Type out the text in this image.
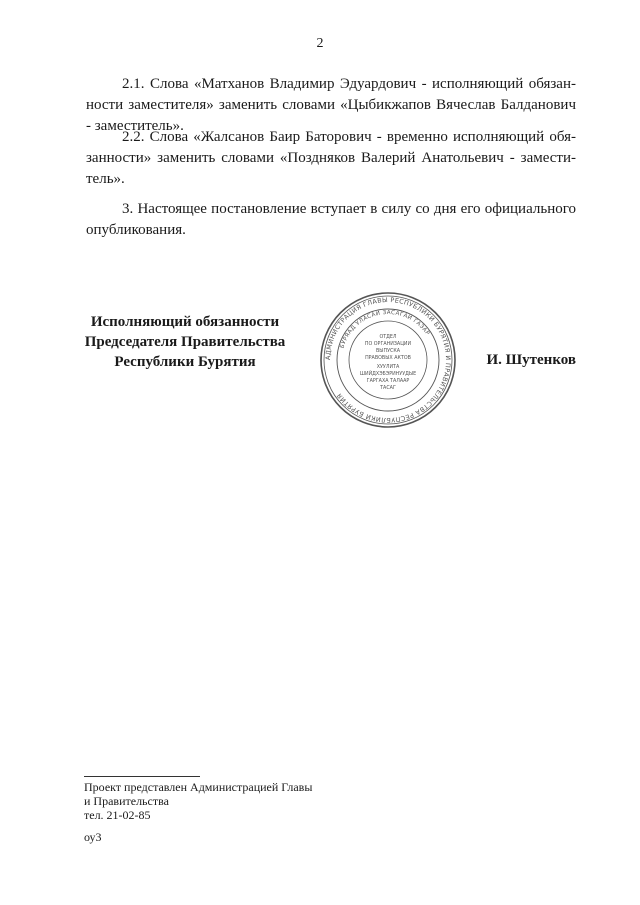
2

2.1. Слова «Матханов Владимир Эдуардович - исполняющий обязанности заместителя» заменить словами «Цыбикжапов Вячеслав Балданович - заместитель».

2.2. Слова «Жалсанов Баир Баторович - временно исполняющий обязанности» заменить словами «Поздняков Валерий Анатольевич - заместитель».

3. Настоящее постановление вступает в силу со дня его официального опубликования.

Исполняющий обязанности
Председателя Правительства
Республики Бурятия	АДМИНИСТРАЦИЯ ГЛАВЫ РЕСПУБЛИКИ БУРЯТИЯ И ПРАВИТЕЛЬСТВА РЕСПУБЛИКИ БУРЯТИЯ
БУРЯАД УЛАСАЙ ЗАСАГАЙ ГАЗАР
ОТДЕЛ
ПО ОРГАНИЗАЦИИ
ВЫПУСКА
ПРАВОВЫХ АКТОВ
ХУУЛИТА
ШИЙДХЭБЭРИНУУДЫЕ
ГАРГАХА ТАЛААР
ТАСАГ
И. Шутенков
Проект представлен Администрацией Главы
и Правительства
тел. 21-02-85
оу3
